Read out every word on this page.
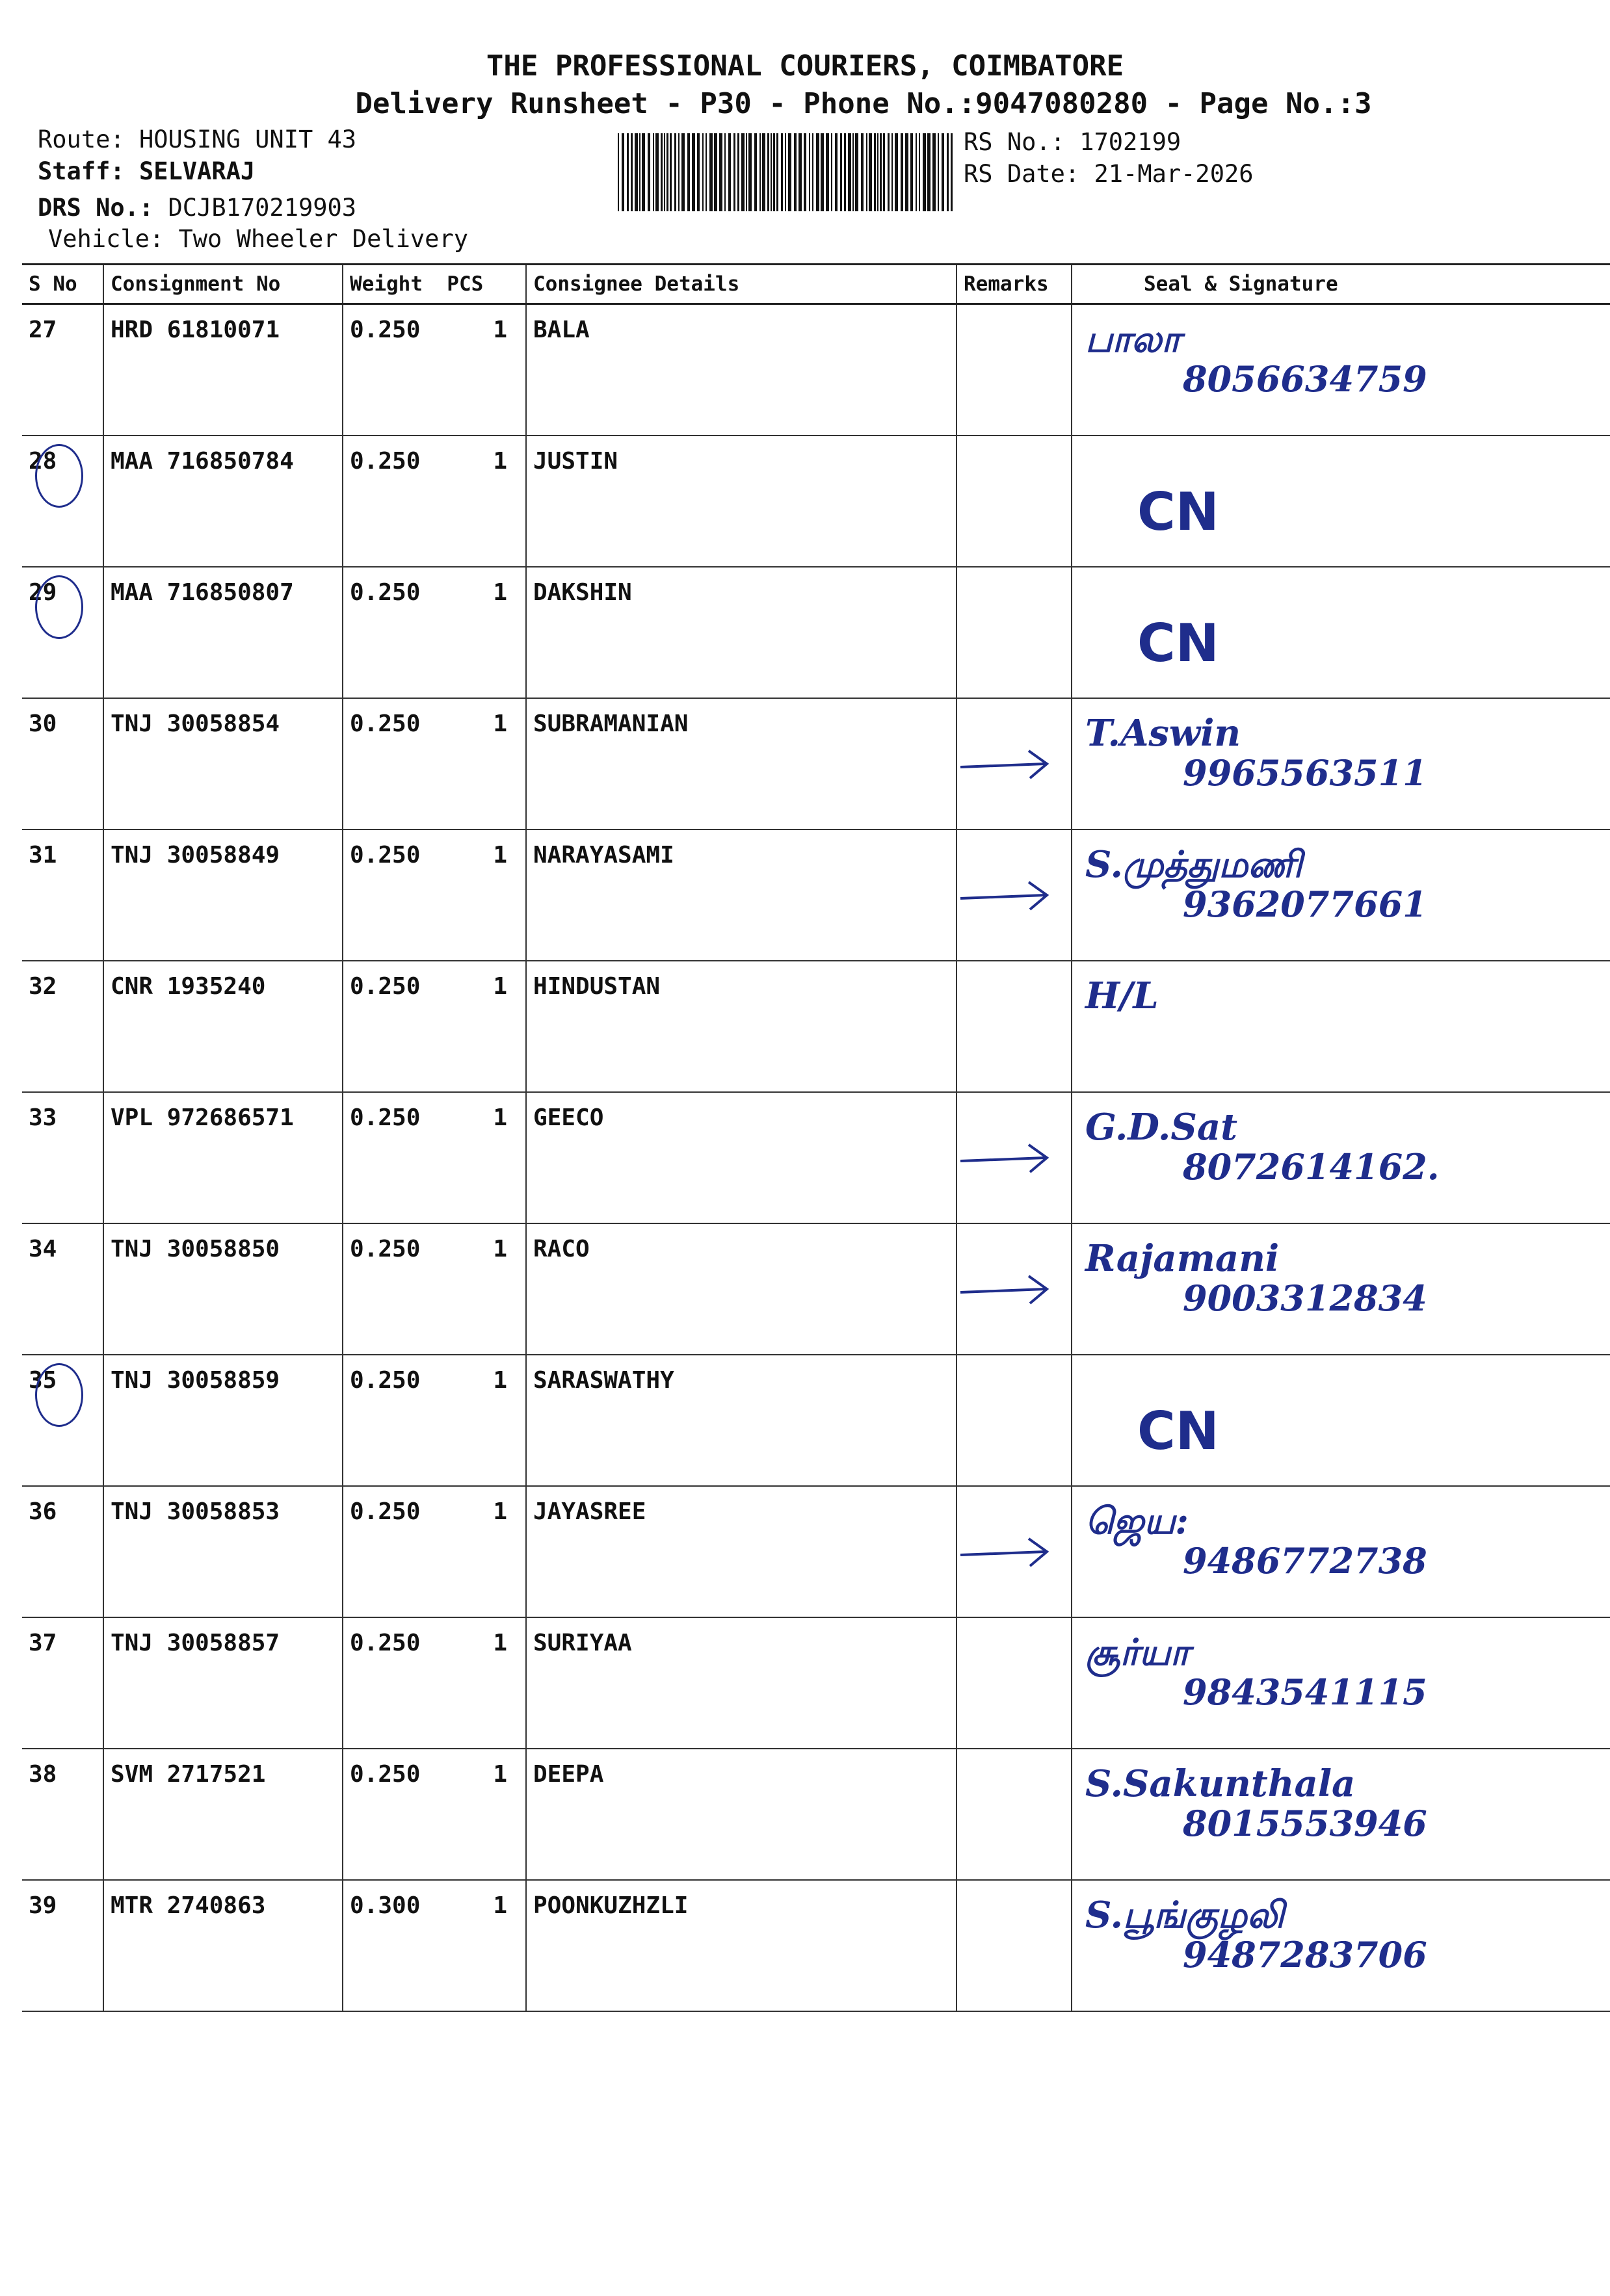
THE PROFESSIONAL COURIERS, COIMBATORE
Delivery Runsheet - P30 - Phone No.:9047080280 - Page No.:3
Route: HOUSING UNIT 43
Staff: SELVARAJ
DRS No.: DCJB170219903
Vehicle: Two Wheeler Delivery
RS No.: 1702199
RS Date: 21-Mar-2026
S No	Consignment No	Weight  PCS	Consignee Details	Remarks	Seal & Signature
27	HRD 61810071	0.250 1	BALA		பாலா
8056634759

28	MAA 716850784	0.250 1	JUSTIN		CN

29	MAA 716850807	0.250 1	DAKSHIN		CN

30	TNJ 30058854	0.250 1	SUBRAMANIAN		T.Aswin
9965563511

31	TNJ 30058849	0.250 1	NARAYASAMI		S.முத்துமணி
9362077661

32	CNR 1935240	0.250 1	HINDUSTAN		H/L

33	VPL 972686571	0.250 1	GEECO		G.D.Sat
8072614162.

34	TNJ 30058850	0.250 1	RACO		Rajamani
9003312834

35	TNJ 30058859	0.250 1	SARASWATHY		CN

36	TNJ 30058853	0.250 1	JAYASREE		ஜெய:
9486772738

37	TNJ 30058857	0.250 1	SURIYAA		சூர்யா
9843541115

38	SVM 2717521	0.250 1	DEEPA		S.Sakunthala
8015553946

39	MTR 2740863	0.300 1	POONKUZHZLI		S.பூங்குழலி
9487283706
